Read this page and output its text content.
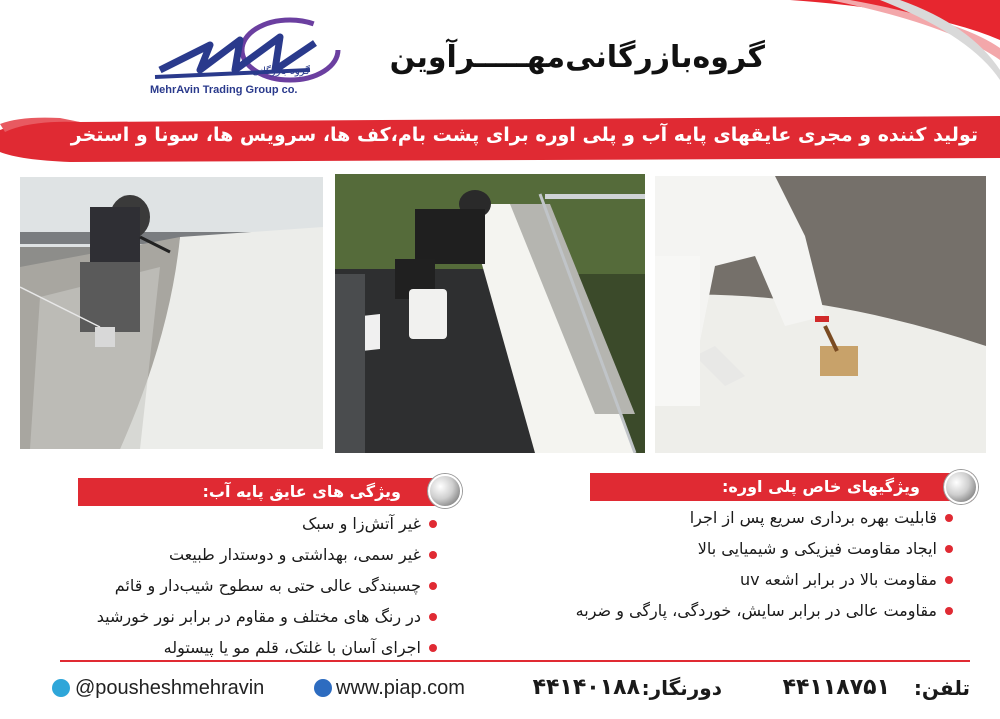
گروه بازرگانی
MehrAvin Trading Group co.
گروه‌بازرگانی‌مهـــــرآوین
تولید کننده و مجری عایقهای پایه آب و پلی اوره برای پشت بام،کف ها، سرویس ها، سونا و استخر
ویژگی های عایق پایه آب:
غیر آتش‌زا و سبک
غیر سمی، بهداشتی و دوستدار طبیعت
چسبندگی عالی حتی به سطوح شیب‌دار و قائم
در رنگ های مختلف و مقاوم در برابر نور خورشید
اجرای آسان با غلتک، قلم مو یا پیستوله
ویژگیهای خاص پلی اوره:
قابلیت بهره برداری سریع پس از اجرا
ایجاد مقاومت فیزیکی و شیمیایی بالا
مقاومت بالا در برابر اشعه uv
مقاومت عالی در برابر سایش، خوردگی، پارگی و ضربه
تلفن:
۴۴۱۱۸۷۵۱
دورنگار:
۴۴۱۴۰۱۸۸
www.piap.com
@pousheshmehravin
